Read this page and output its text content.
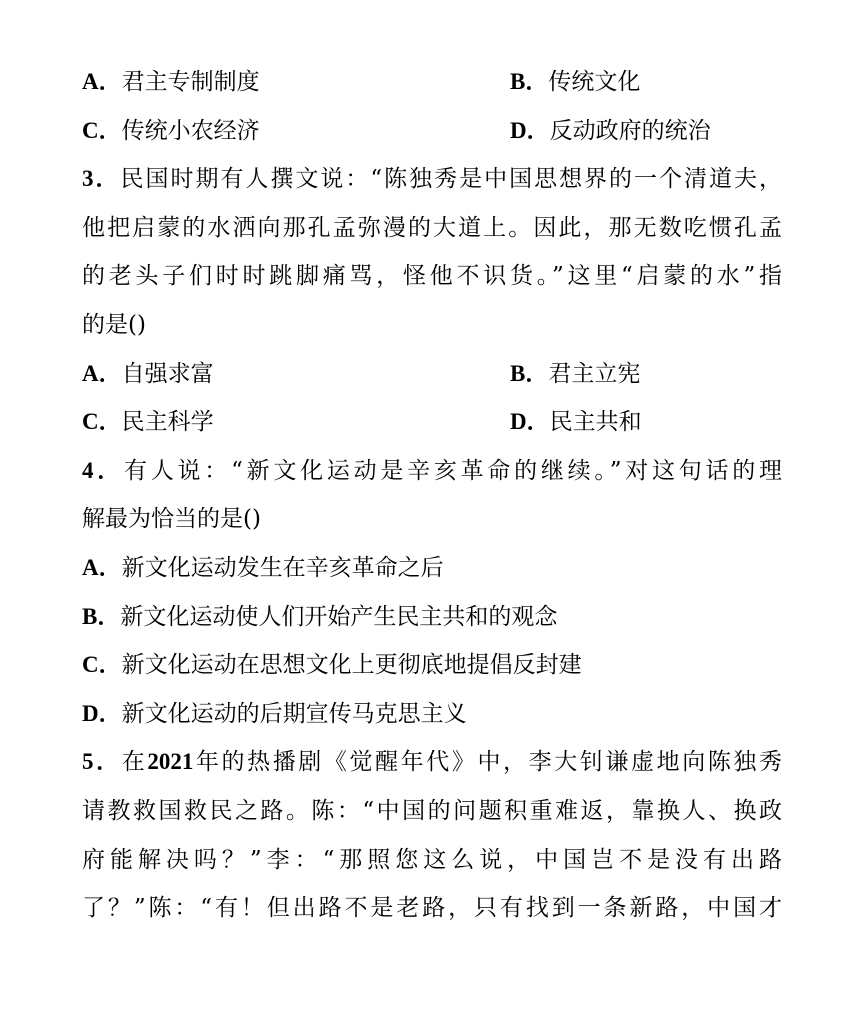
A．君主专制制度	B．传统文化
C．传统小农经济	D．反动政府的统治
3．民国时期有人撰文说：“陈独秀是中国思想界的一个清道夫，
他把启蒙的水洒向那孔孟弥漫的大道上。因此，那无数吃惯孔孟
的老头子们时时跳脚痛骂，怪他不识货。”这里“启蒙的水”指
的是()
A．自强求富	B．君主立宪
C．民主科学	D．民主共和
4．有人说：“新文化运动是辛亥革命的继续。”对这句话的理
解最为恰当的是()
A．新文化运动发生在辛亥革命之后
B．新文化运动使人们开始产生民主共和的观念
C．新文化运动在思想文化上更彻底地提倡反封建
D．新文化运动的后期宣传马克思主义
5．在2021年的热播剧《觉醒年代》中，李大钊谦虚地向陈独秀
请教救国救民之路。陈：“中国的问题积重难返，靠换人、换政
府能解决吗？”李：“那照您这么说，中国岂不是没有出路
了？”陈：“有！但出路不是老路，只有找到一条新路，中国才
